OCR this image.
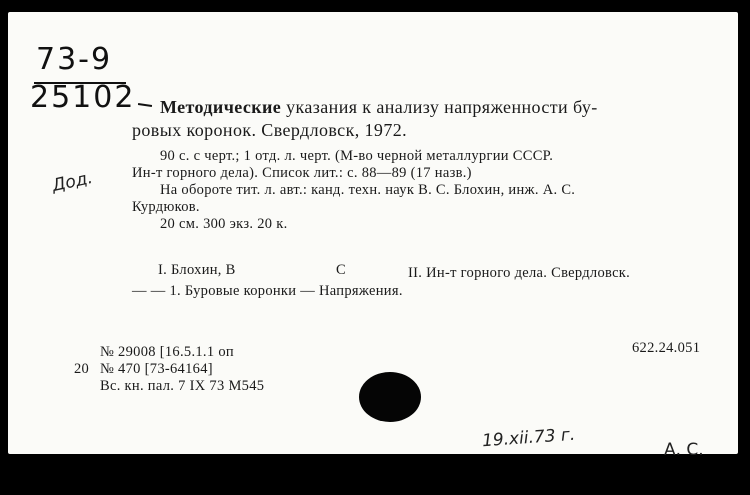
73-9
25102
Дод.
Методические указания к анализу напряженности бу-
ровых коронок. Свердловск, 1972.
90 с. с черт.; 1 отд. л. черт. (М-во черной металлургии СССР.
Ин-т горного дела). Список лит.: с. 88—89 (17 назв.)
На обороте тит. л. авт.: канд. техн. наук В. С. Блохин, инж. А. С.
Курдюков.
20 см. 300 экз. 20 к.
I. Блохин, В	С	II. Ин-т горного дела. Свердловск.
— — 1. Буровые коронки — Напряжения.
№ 29008 [16.5.1.1 оп
20 № 470 [73-64164]
Вс. кн. пал. 7 IX 73 М545
622.24.051
19.xii.73 г.	А. С.
